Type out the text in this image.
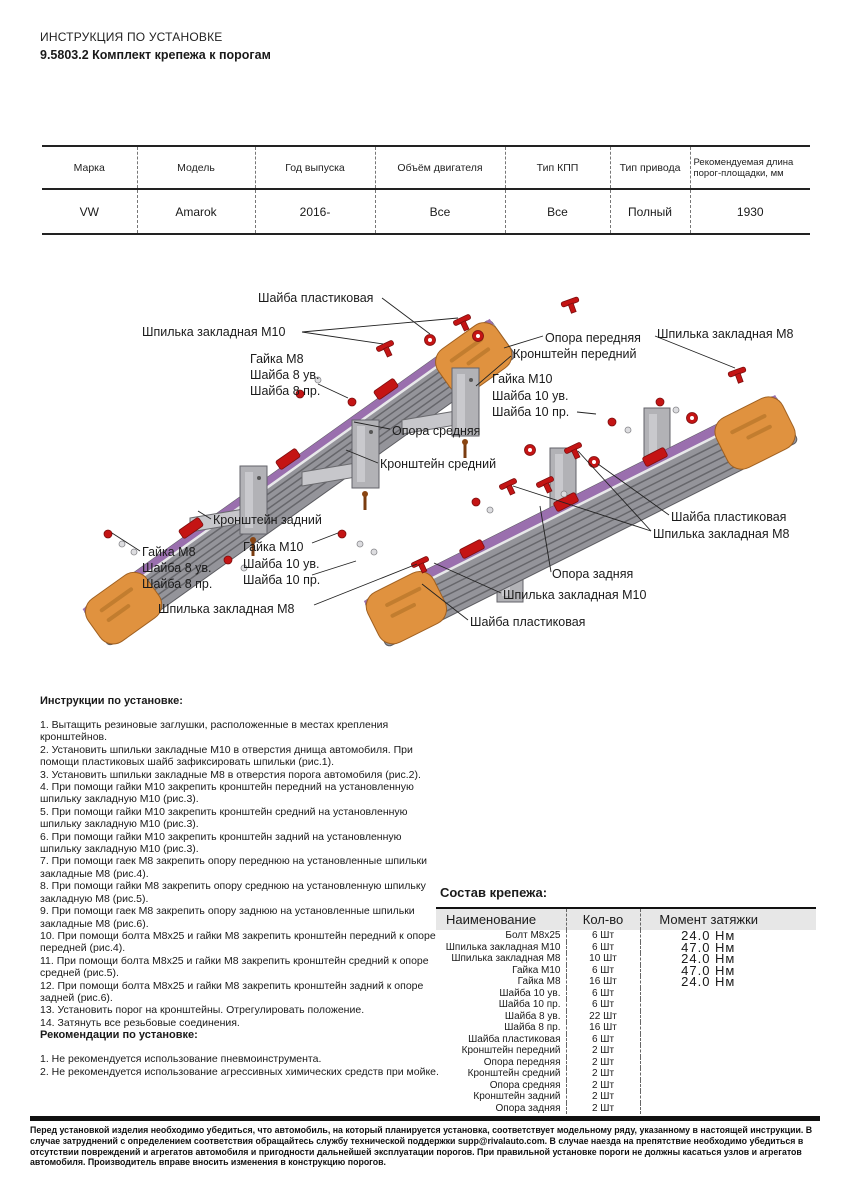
ИНСТРУКЦИЯ ПО УСТАНОВКЕ
9.5803.2 Комплект крепежа к порогам
Марка	Модель	Год выпуска	Объём двигателя	Тип КПП	Тип привода	Рекомендуемая длина порог-площадки, мм
VW	Amarok	2016-	Все	Все	Полный	1930
Шайба пластиковая
Шпилька закладная М10
Гайка М8
Шайба 8 ув.
Шайба 8 пр.
Опора передняя
Кронштейн передний
Шпилька закладная М8
Гайка М10
Шайба 10 ув.
Шайба 10 пр.
Опора средняя
Кронштейн средний
Кронштейн задний
Гайка М8
Шайба 8 ув.
Шайба 8 пр.
Гайка М10
Шайба 10 ув.
Шайба 10 пр.
Шпилька закладная М8
Шайба пластиковая
Шпилька закладная М8
Опора задняя
Шпилька закладная М10
Шайба пластиковая
Инструкции по установке:
1. Вытащить резиновые заглушки, расположенные в местах крепления кронштейнов.
2. Установить шпильки закладные М10 в отверстия днища автомобиля. При помощи пластиковых шайб зафиксировать шпильки (рис.1).
3. Установить шпильки закладные М8 в отверстия порога автомобиля (рис.2).
4. При помощи гайки М10 закрепить кронштейн передний на установленную шпильку закладную М10 (рис.3).
5. При помощи гайки М10 закрепить кронштейн средний на установленную шпильку закладную М10 (рис.3).
6. При помощи гайки М10 закрепить кронштейн задний на установленную шпильку закладную М10 (рис.3).
7. При помощи гаек М8 закрепить опору переднюю на установленные шпильки закладные М8 (рис.4).
8. При помощи гайки М8 закрепить опору среднюю на установленную шпильку закладную М8 (рис.5).
9. При помощи гаек М8 закрепить опору заднюю на установленные шпильки закладные М8 (рис.6).
10. При помощи болта М8х25 и гайки М8 закрепить кронштейн передний к опоре передней (рис.4).
11. При помощи болта М8х25 и гайки М8 закрепить кронштейн средний к опоре средней (рис.5).
12. При помощи болта М8х25 и гайки М8 закрепить кронштейн задний к опоре задней (рис.6).
13. Установить порог на кронштейны. Отрегулировать положение.
14. Затянуть все резьбовые соединения.
Рекомендации по установке:
1. Не рекомендуется использование пневмоинструмента.
2. Не рекомендуется использование агрессивных химических средств при мойке.
Состав крепежа:
Наименование	Кол-во	Момент затяжки
Болт М8х25	6 Шт	24.0 Нм
Шпилька закладная М10	6 Шт	47.0 Нм
Шпилька закладная М8	10 Шт	24.0 Нм
Гайка М10	6 Шт	47.0 Нм
Гайка М8	16 Шт	24.0 Нм
Шайба 10 ув.	6 Шт	
Шайба 10 пр.	6 Шт	
Шайба 8 ув.	22 Шт	
Шайба 8 пр.	16 Шт	
Шайба пластиковая	6 Шт	
Кронштейн передний	2 Шт	
Опора передняя	2 Шт	
Кронштейн средний	2 Шт	
Опора средняя	2 Шт	
Кронштейн задний	2 Шт	
Опора задняя	2 Шт	
Перед установкой изделия необходимо убедиться, что автомобиль, на который планируется установка, соответствует модельному ряду, указанному в настоящей инструкции. В случае затруднений с определением соответствия обращайтесь службу технической поддержки supp@rivalauto.com. В случае наезда на препятствие необходимо убедиться в отсутствии повреждений и агрегатов автомобиля и пригодности дальнейшей эксплуатации порогов. При правильной установке пороги не должны касаться узлов и агрегатов автомобиля. Производитель вправе вносить изменения в конструкцию порогов.
